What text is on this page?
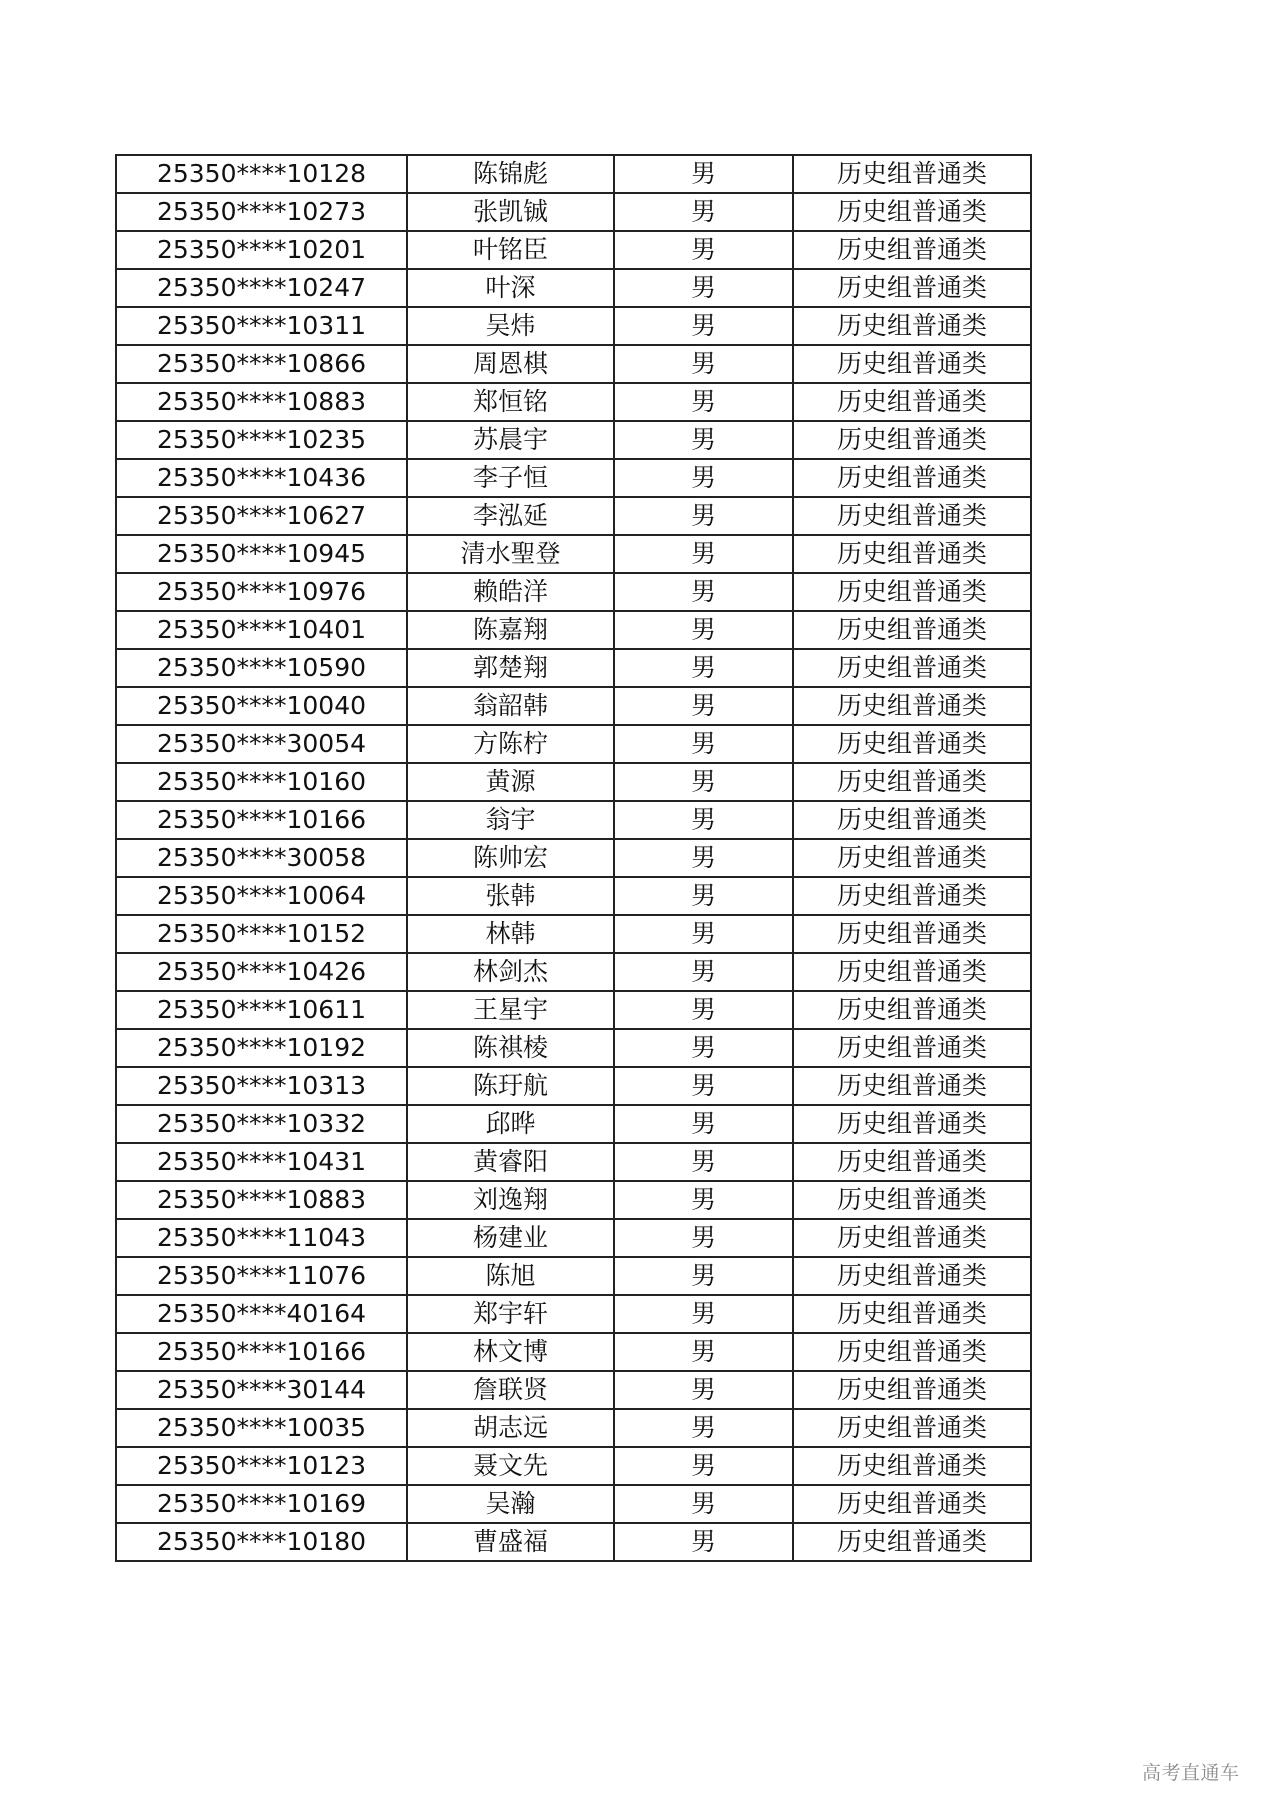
25350****10128	陈锦彪	男	历史组普通类
25350****10273	张凯铖	男	历史组普通类
25350****10201	叶铭臣	男	历史组普通类
25350****10247	叶深	男	历史组普通类
25350****10311	吴炜	男	历史组普通类
25350****10866	周恩棋	男	历史组普通类
25350****10883	郑恒铭	男	历史组普通类
25350****10235	苏晨宇	男	历史组普通类
25350****10436	李子恒	男	历史组普通类
25350****10627	李泓延	男	历史组普通类
25350****10945	清水聖登	男	历史组普通类
25350****10976	赖皓洋	男	历史组普通类
25350****10401	陈嘉翔	男	历史组普通类
25350****10590	郭楚翔	男	历史组普通类
25350****10040	翁韶韩	男	历史组普通类
25350****30054	方陈柠	男	历史组普通类
25350****10160	黄源	男	历史组普通类
25350****10166	翁宇	男	历史组普通类
25350****30058	陈帅宏	男	历史组普通类
25350****10064	张韩	男	历史组普通类
25350****10152	林韩	男	历史组普通类
25350****10426	林剑杰	男	历史组普通类
25350****10611	王星宇	男	历史组普通类
25350****10192	陈祺棱	男	历史组普通类
25350****10313	陈玗航	男	历史组普通类
25350****10332	邱晔	男	历史组普通类
25350****10431	黄睿阳	男	历史组普通类
25350****10883	刘逸翔	男	历史组普通类
25350****11043	杨建业	男	历史组普通类
25350****11076	陈旭	男	历史组普通类
25350****40164	郑宇轩	男	历史组普通类
25350****10166	林文博	男	历史组普通类
25350****30144	詹联贤	男	历史组普通类
25350****10035	胡志远	男	历史组普通类
25350****10123	聂文先	男	历史组普通类
25350****10169	吴瀚	男	历史组普通类
25350****10180	曹盛福	男	历史组普通类
高考直通车
